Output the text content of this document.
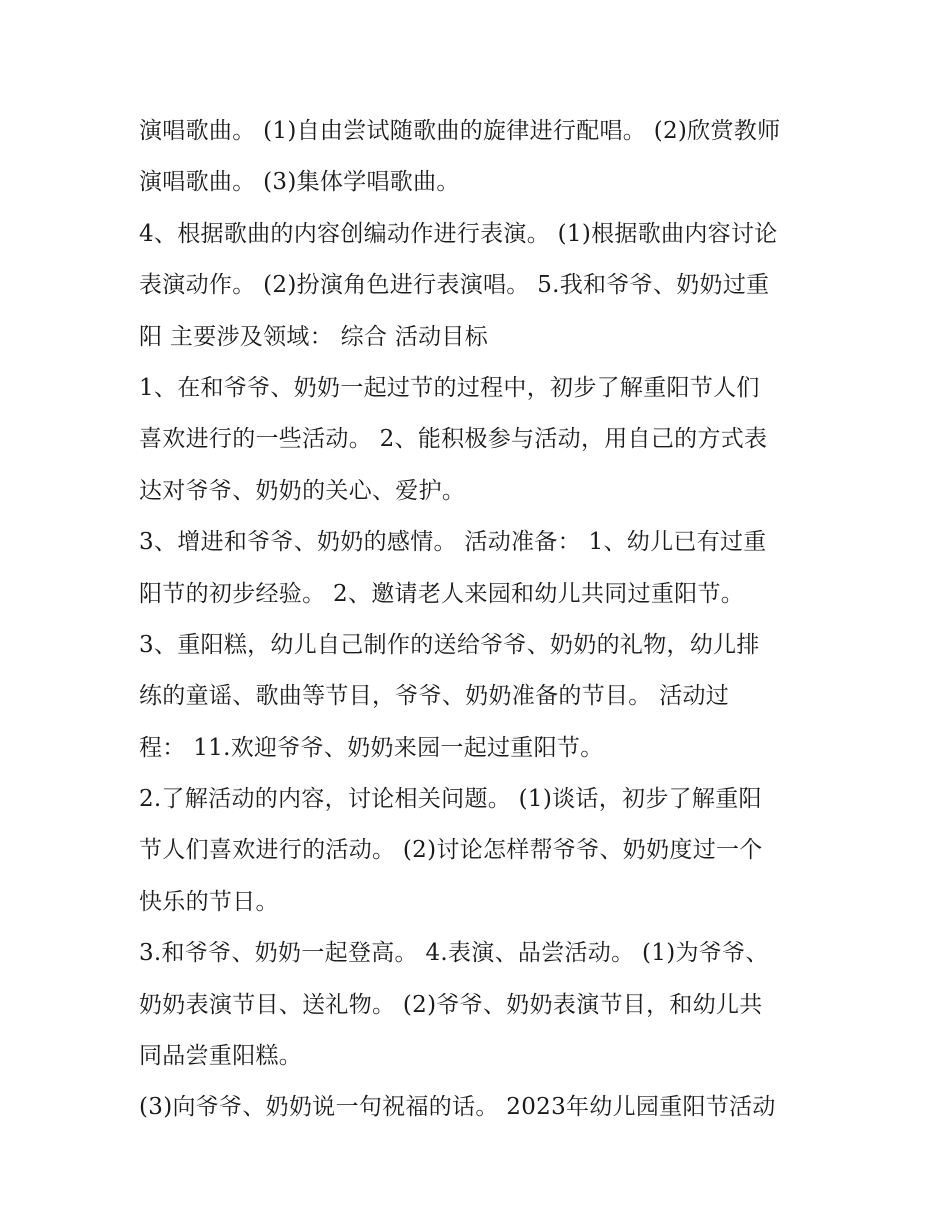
演唱歌曲。 (1)自由尝试随歌曲的旋律进行配唱。 (2)欣赏教师
演唱歌曲。 (3)集体学唱歌曲。
4、根据歌曲的内容创编动作进行表演。 (1)根据歌曲内容讨论
表演动作。 (2)扮演角色进行表演唱。 5.我和爷爷、奶奶过重
阳 主要涉及领域： 综合 活动目标
1、在和爷爷、奶奶一起过节的过程中，初步了解重阳节人们
喜欢进行的一些活动。 2、能积极参与活动，用自己的方式表
达对爷爷、奶奶的关心、爱护。
3、增进和爷爷、奶奶的感情。 活动准备： 1、幼儿已有过重
阳节的初步经验。 2、邀请老人来园和幼儿共同过重阳节。
3、重阳糕，幼儿自己制作的送给爷爷、奶奶的礼物，幼儿排
练的童谣、歌曲等节目，爷爷、奶奶准备的节目。 活动过
程： 11.欢迎爷爷、奶奶来园一起过重阳节。
2.了解活动的内容，讨论相关问题。 (1)谈话，初步了解重阳
节人们喜欢进行的活动。 (2)讨论怎样帮爷爷、奶奶度过一个
快乐的节日。
3.和爷爷、奶奶一起登高。 4.表演、品尝活动。 (1)为爷爷、
奶奶表演节目、送礼物。 (2)爷爷、奶奶表演节目，和幼儿共
同品尝重阳糕。
(3)向爷爷、奶奶说一句祝福的话。 2023年幼儿园重阳节活动
